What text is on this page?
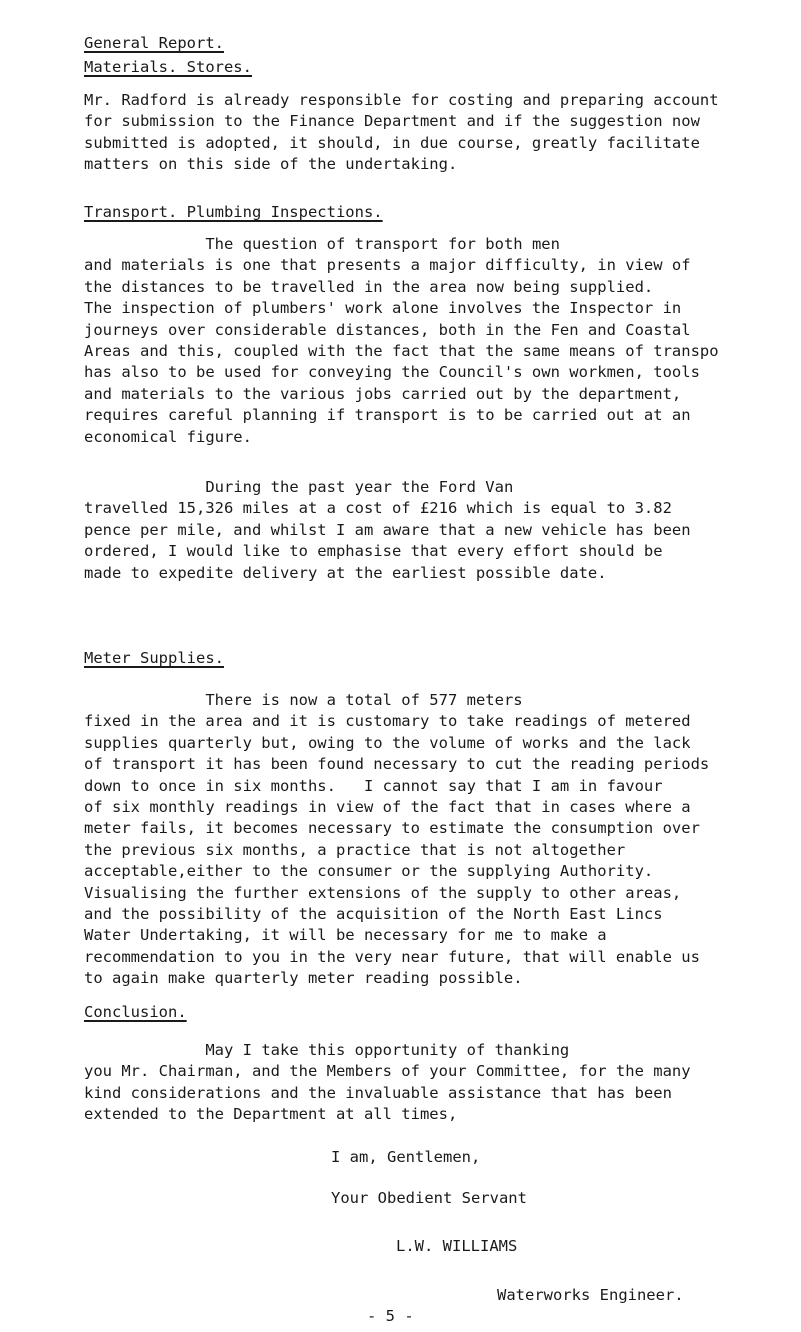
General Report.
Materials. Stores.

Mr. Radford is already responsible for costing and preparing account
for submission to the Finance Department and if the suggestion now
submitted is adopted, it should, in due course, greatly facilitate
matters on this side of the undertaking.

Transport. Plumbing Inspections.

The question of transport for both men
and materials is one that presents a major difficulty, in view of
the distances to be travelled in the area now being supplied.
The inspection of plumbers' work alone involves the Inspector in
journeys over considerable distances, both in the Fen and Coastal
Areas and this, coupled with the fact that the same means of transpo
has also to be used for conveying the Council's own workmen, tools
and materials to the various jobs carried out by the department,
requires careful planning if transport is to be carried out at an
economical figure.

During the past year the Ford Van
travelled 15,326 miles at a cost of £216 which is equal to 3.82
pence per mile, and whilst I am aware that a new vehicle has been
ordered, I would like to emphasise that every effort should be
made to expedite delivery at the earliest possible date.

Meter Supplies.

There is now a total of 577 meters
fixed in the area and it is customary to take readings of metered
supplies quarterly but, owing to the volume of works and the lack
of transport it has been found necessary to cut the reading periods
down to once in six months.   I cannot say that I am in favour
of six monthly readings in view of the fact that in cases where a
meter fails, it becomes necessary to estimate the consumption over
the previous six months, a practice that is not altogether
acceptable,either to the consumer or the supplying Authority.
Visualising the further extensions of the supply to other areas,
and the possibility of the acquisition of the North East Lincs
Water Undertaking, it will be necessary for me to make a
recommendation to you in the very near future, that will enable us
to again make quarterly meter reading possible.

Conclusion.

May I take this opportunity of thanking
you Mr. Chairman, and the Members of your Committee, for the many
kind considerations and the invaluable assistance that has been
extended to the Department at all times,

I am, Gentlemen,
Your Obedient Servant
L.W. WILLIAMS
Waterworks Engineer.
- 5 -
